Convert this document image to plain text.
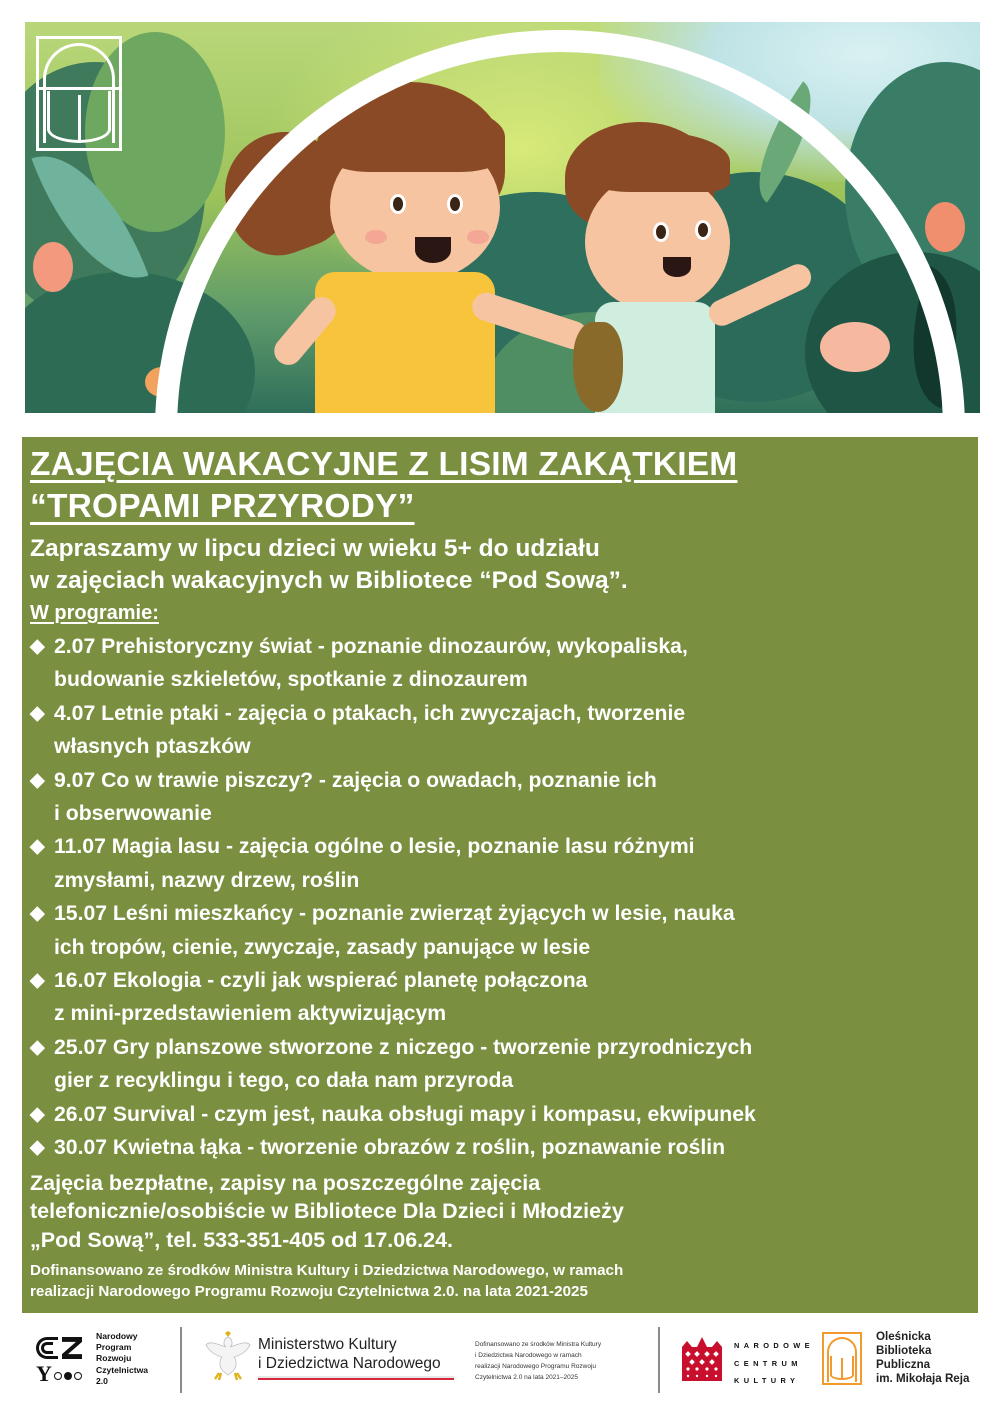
ZAJĘCIA WAKACYJNE Z LISIM ZAKĄTKIEM
“TROPAMI PRZYRODY”
Zapraszamy w lipcu dzieci w wieku 5+ do udziału
w zajęciach wakacyjnych w Bibliotece “Pod Sową”.
W programie:
◆ 2.07 Prehistoryczny świat - poznanie dinozaurów, wykopaliska,
budowanie szkieletów, spotkanie z dinozaurem
◆ 4.07 Letnie ptaki - zajęcia o ptakach, ich zwyczajach, tworzenie
własnych ptaszków
◆ 9.07 Co w trawie piszczy? - zajęcia o owadach, poznanie ich
i obserwowanie
◆ 11.07 Magia lasu - zajęcia ogólne o lesie, poznanie lasu różnymi
zmysłami, nazwy drzew, roślin
◆ 15.07 Leśni mieszkańcy - poznanie zwierząt żyjących w lesie, nauka
ich tropów, cienie, zwyczaje, zasady panujące w lesie
◆ 16.07 Ekologia - czyli jak wspierać planetę połączona
z mini-przedstawieniem aktywizującym
◆ 25.07 Gry planszowe stworzone z niczego - tworzenie przyrodniczych
gier z recyklingu i tego, co dała nam przyroda
◆ 26.07 Survival - czym jest, nauka obsługi mapy i kompasu, ekwipunek
◆ 30.07 Kwietna łąka - tworzenie obrazów z roślin, poznawanie roślin
Zajęcia bezpłatne, zapisy na poszczególne zajęcia
telefonicznie/osobiście w Bibliotece Dla Dzieci i Młodzieży
„Pod Sową”, tel. 533-351-405 od 17.06.24.
Dofinansowano ze środków Ministra Kultury i Dziedzictwa Narodowego, w ramach
realizacji Narodowego Programu Rozwoju Czytelnictwa 2.0. na lata 2021-2025
Y
Narodowy
Program
Rozwoju
Czytelnictwa
2.0
Ministerstwo Kultury
i Dziedzictwa Narodowego
Dofinansowano ze środków Ministra Kultury
i Dziedzictwa Narodowego w ramach
realizacji Narodowego Programu Rozwoju
Czytelnictwa 2.0 na lata 2021–2025
NARODOWE
CENTRUM
KULTURY
Oleśnicka
Biblioteka
Publiczna
im. Mikołaja Reja
